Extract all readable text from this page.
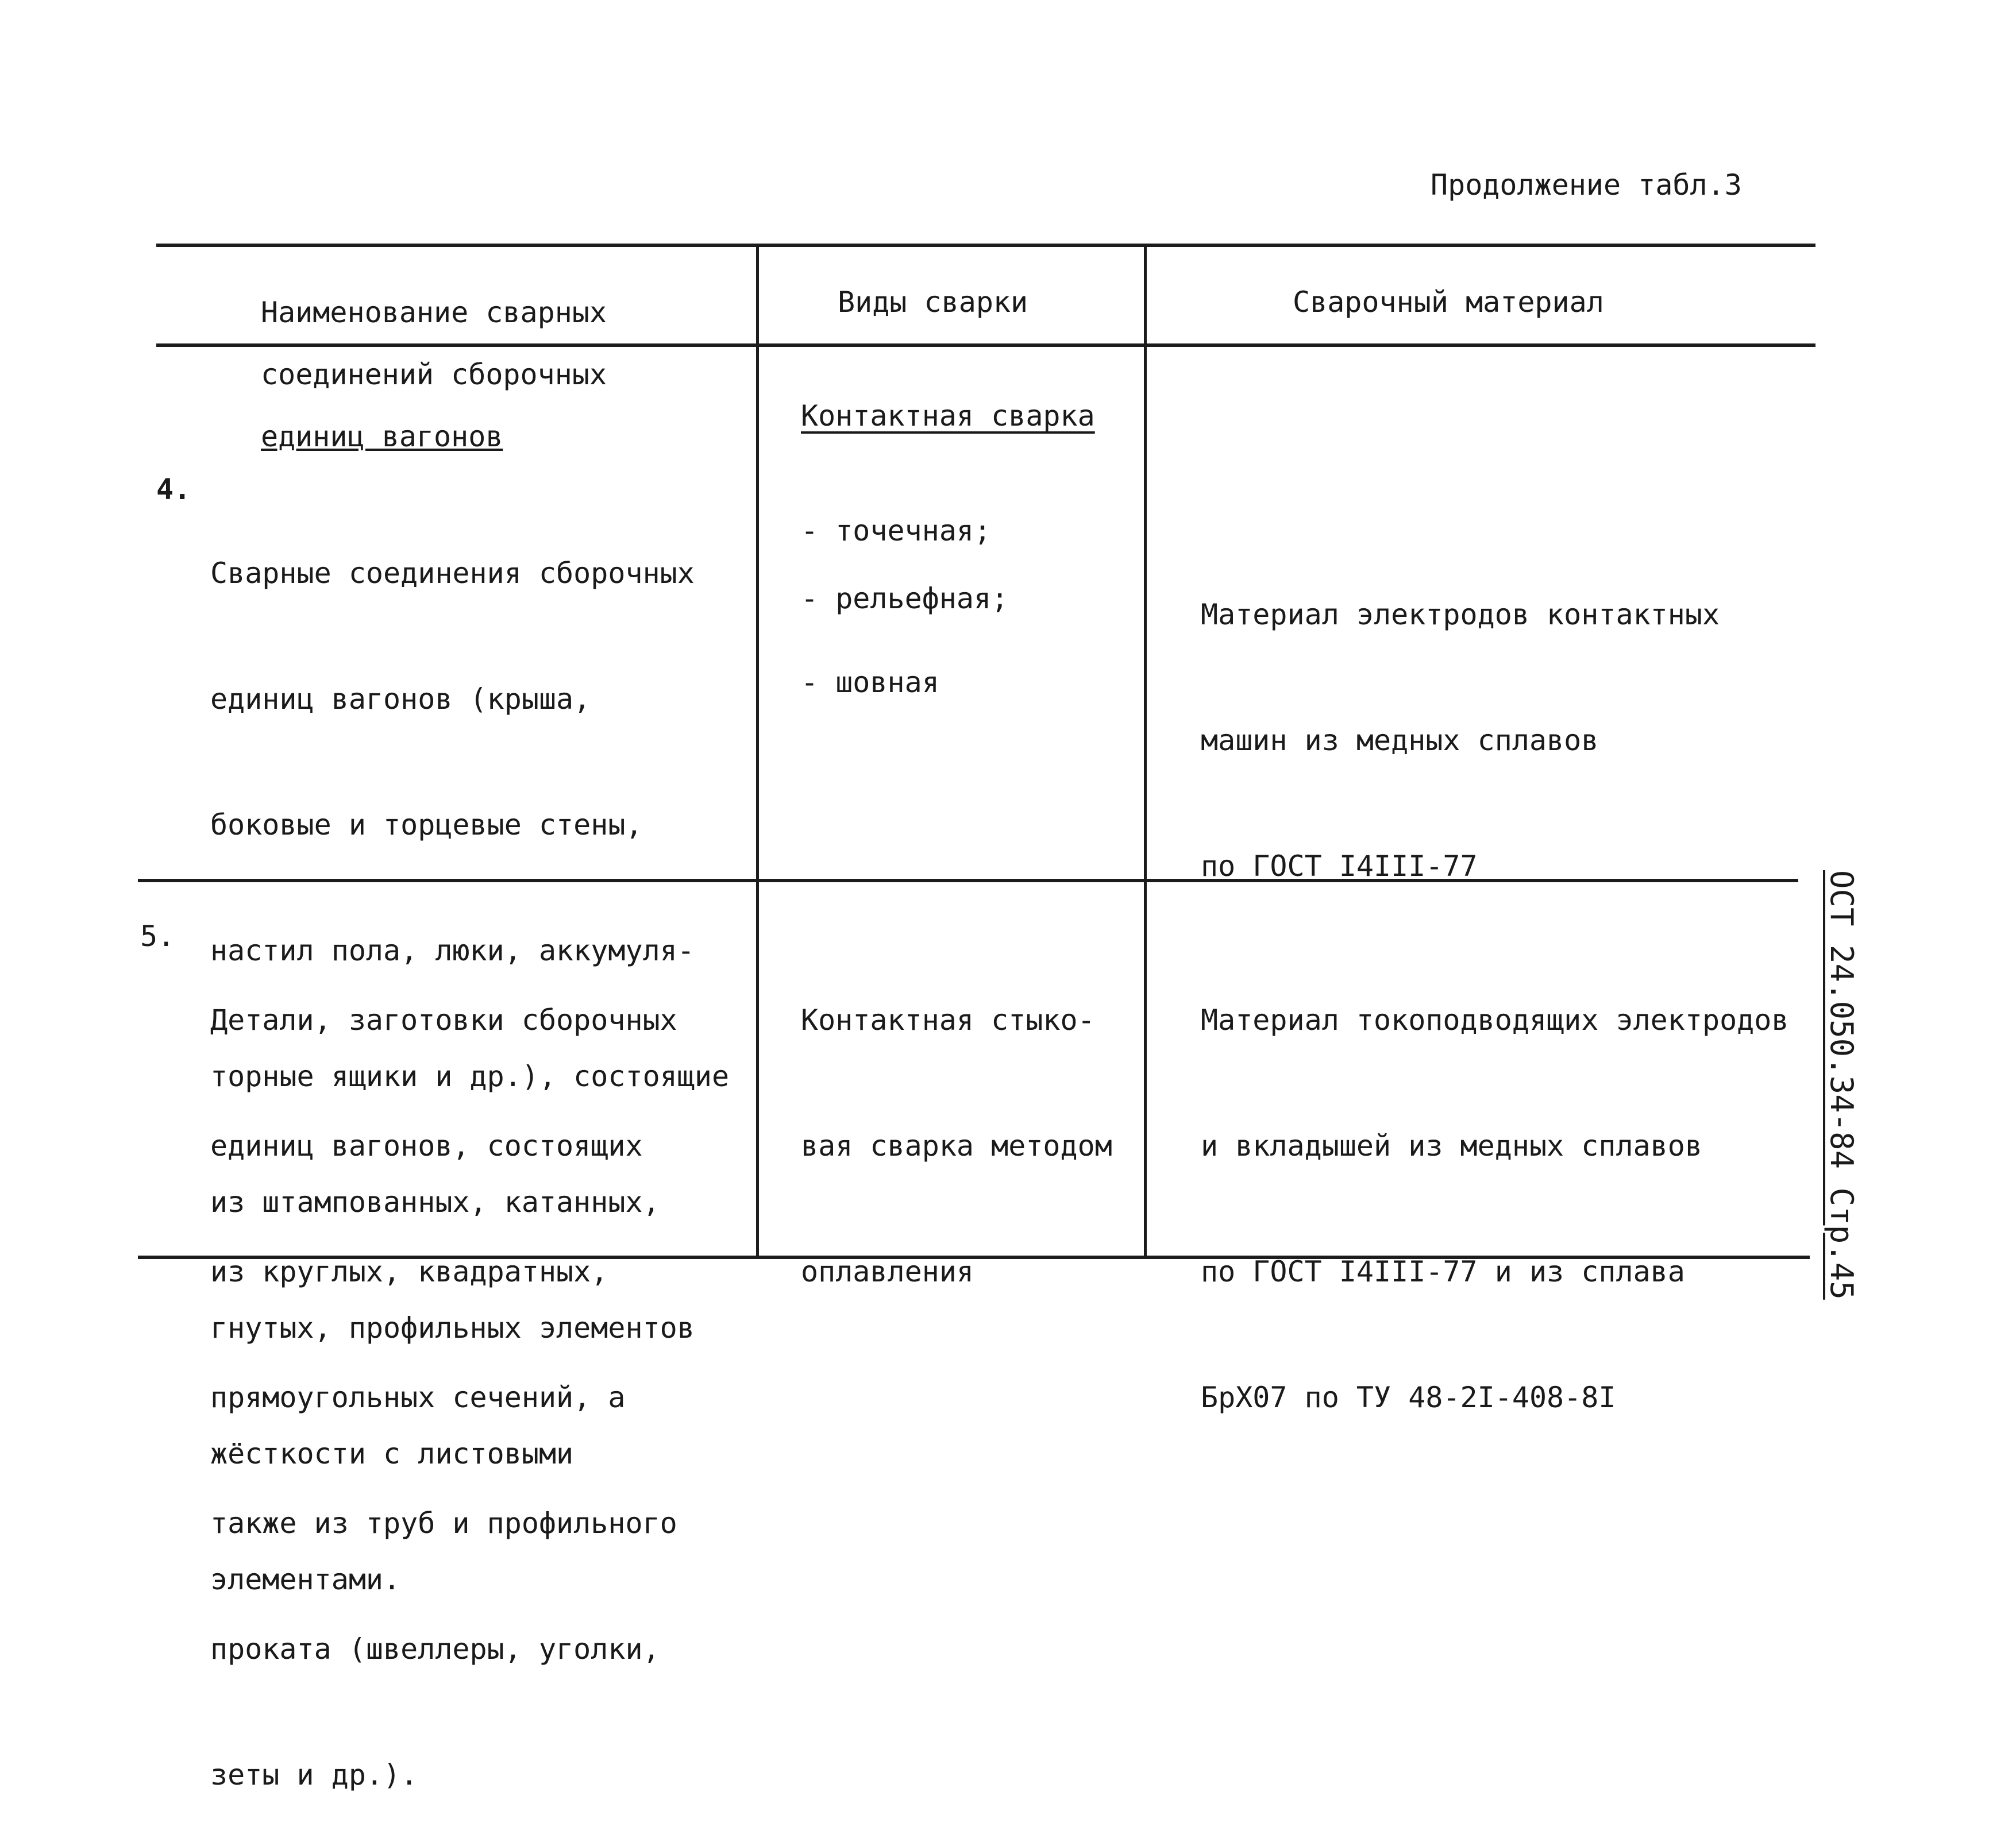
Продолжение табл.3

Наименование сварных

соединений сборочных

единиц вагонов

Виды сварки	Сварочный материал
4.

Сварные соединения сборочных

единиц вагонов (крыша,

боковые и торцевые стены,

настил пола, люки, аккумуля-

торные ящики и др.), состоящие

из штампованных, катанных,

гнутых, профильных элементов

жёсткости с листовыми

элементами.

Контактная сварка
- точечная;
- рельефная;
- шовная

Материал электродов контактных

машин из медных сплавов

по ГОСТ I4III-77

5.

Детали, заготовки сборочных

единиц вагонов, состоящих

из круглых, квадратных,

прямоугольных сечений, а

также из труб и профильного

проката (швеллеры, уголки,

зеты и др.).

Контактная стыко-

вая сварка методом

оплавления

Материал токоподводящих электродов

и вкладышей из медных сплавов

по ГОСТ I4III-77 и из сплава

БрХ07 по ТУ 48-2I-408-8I

ОСТ 24.050.34-84 Стр.45
